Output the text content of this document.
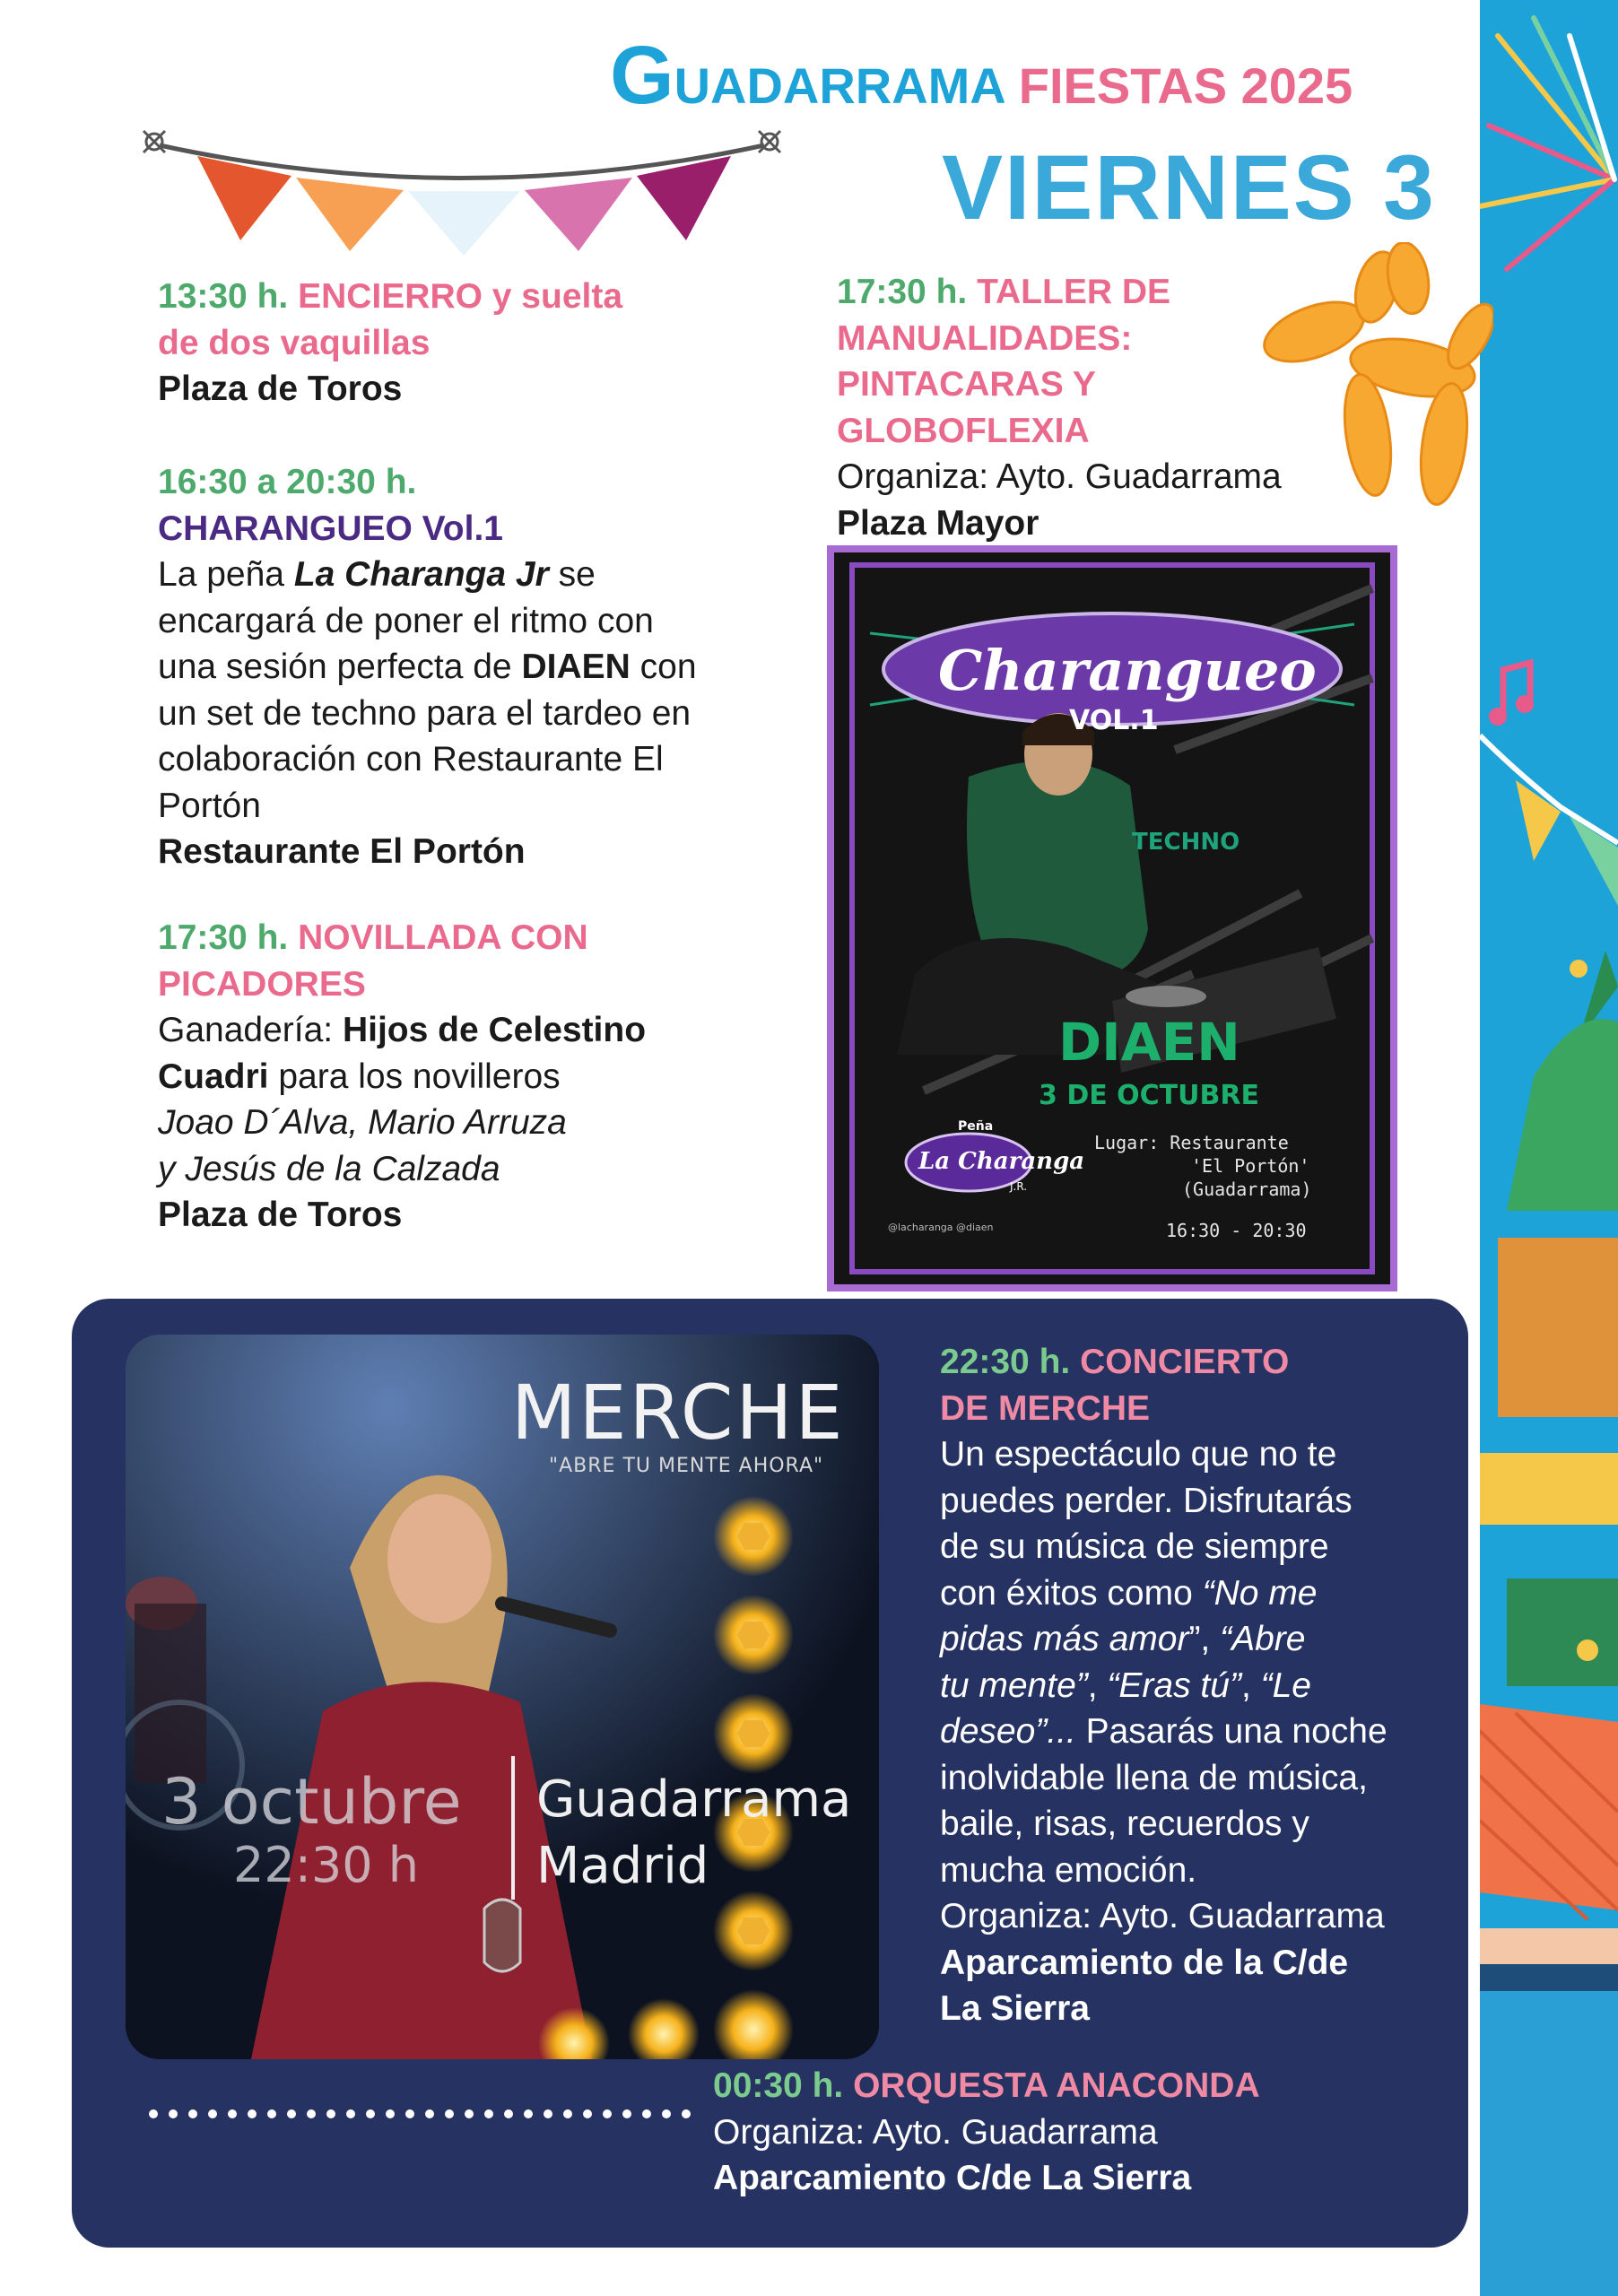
GUADARRAMA FIESTAS 2025
VIERNES 3
13:30 h. ENCIERRO y suelta
de dos vaquillas
Plaza de Toros
16:30 a 20:30 h.
CHARANGUEO Vol.1
La peña La Charanga Jr se
encargará de poner el ritmo con
una sesión perfecta de DIAEN con
un set de techno para el tardeo en
colaboración con Restaurante El
Portón
Restaurante El Portón
17:30 h. NOVILLADA CON
PICADORES
Ganadería: Hijos de Celestino
Cuadri para los novilleros
Joao D´Alva, Mario Arruza
y Jesús de la Calzada
Plaza de Toros
17:30 h. TALLER DE
MANUALIDADES:
PINTACARAS Y
GLOBOFLEXIA
Organiza: Ayto. Guadarrama
Plaza Mayor
Charangueo
VOL.1
TECHNO
DIAEN
3 DE OCTUBRE
Lugar: Restaurante
'El Portón'
(Guadarrama)
16:30 - 20:30
Peña
La Charanga
J.R.
@lacharanga @diaen
MERCHE
"ABRE TU MENTE AHORA"
3 octubre
22:30 h
Guadarrama
Madrid
22:30 h. CONCIERTO
DE MERCHE
Un espectáculo que no te
puedes perder. Disfrutarás
de su música de siempre
con éxitos como “No me
pidas más amor”, “Abre
tu mente”, “Eras tú”, “Le
deseo”... Pasarás una noche
inolvidable llena de música,
baile, risas, recuerdos y
mucha emoción.
Organiza: Ayto. Guadarrama
Aparcamiento de la C/de
La Sierra
00:30 h. ORQUESTA ANACONDA
Organiza: Ayto. Guadarrama
Aparcamiento C/de La Sierra
